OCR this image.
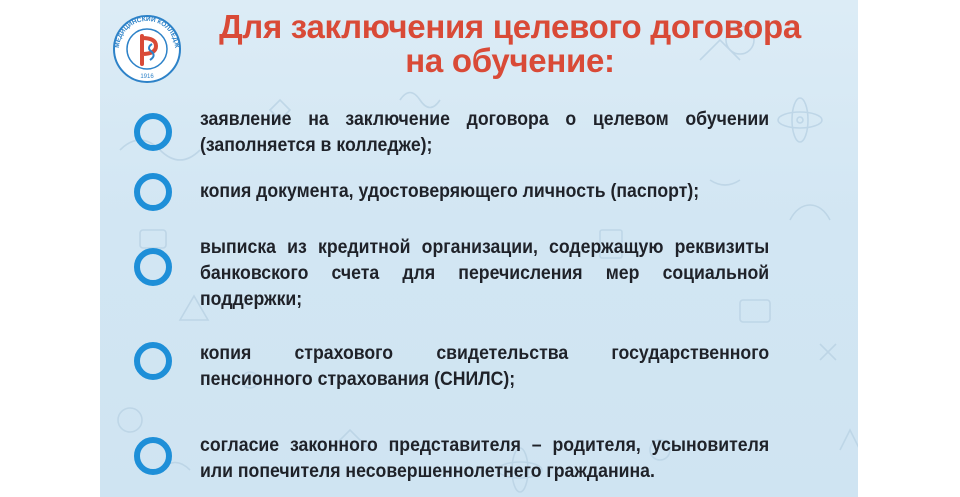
МЕДИЦИНСКИЙ КОЛЛЕДЖ
1916
Для заключения целевого договора на обучение:

заявление на заключение договора о целевом обучении (заполняется в колледже);

копия документа, удостоверяющего личность (паспорт);

выписка из кредитной организации, содержащую реквизиты банковского счета для перечисления мер социальной поддержки;

копия страхового свидетельства государственного пенсионного страхования (СНИЛС);

согласие законного представителя – родителя, усыновителя или попечителя несовершеннолетнего гражданина.
